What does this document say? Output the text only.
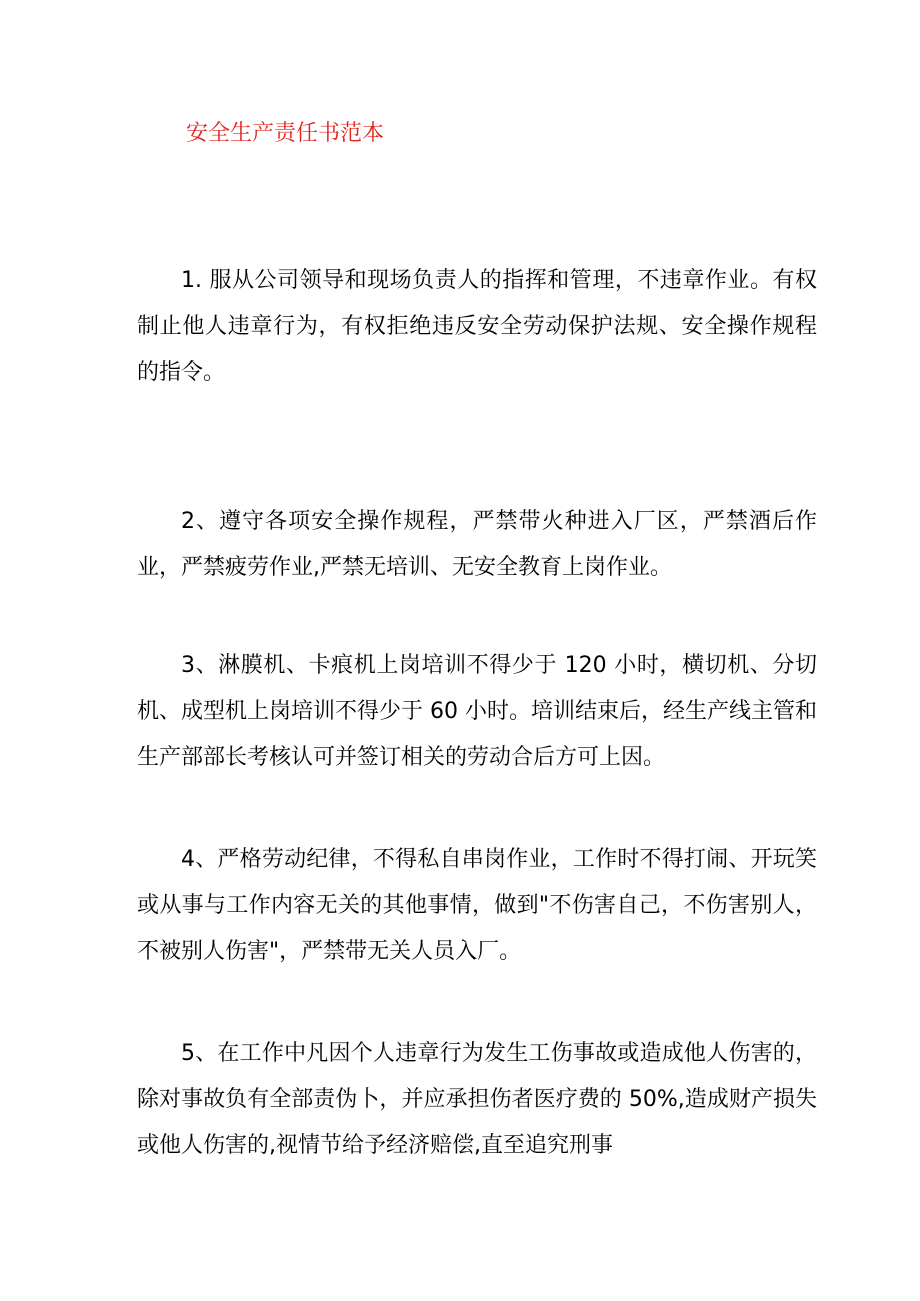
安全生产责任书范本

1. 服从公司领导和现场负责人的指挥和管理，不违章作业。有权制止他人违章行为，有权拒绝违反安全劳动保护法规、安全操作规程的指令。

2、遵守各项安全操作规程，严禁带火种进入厂区，严禁酒后作业，严禁疲劳作业,严禁无培训、无安全教育上岗作业。

3、淋膜机、卡痕机上岗培训不得少于 120 小时，横切机、分切机、成型机上岗培训不得少于 60 小时。培训结束后，经生产线主管和生产部部长考核认可并签订相关的劳动合后方可上因。

4、严格劳动纪律，不得私自串岗作业，工作时不得打闹、开玩笑或从事与工作内容无关的其他事情，做到"不伤害自己，不伤害别人，不被别人伤害"，严禁带无关人员入厂。

5、在工作中凡因个人违章行为发生工伤事故或造成他人伤害的，除对事故负有全部责伪卜，并应承担伤者医疗费的 50%,造成财产损失或他人伤害的,视情节给予经济赔偿,直至追究刑事
